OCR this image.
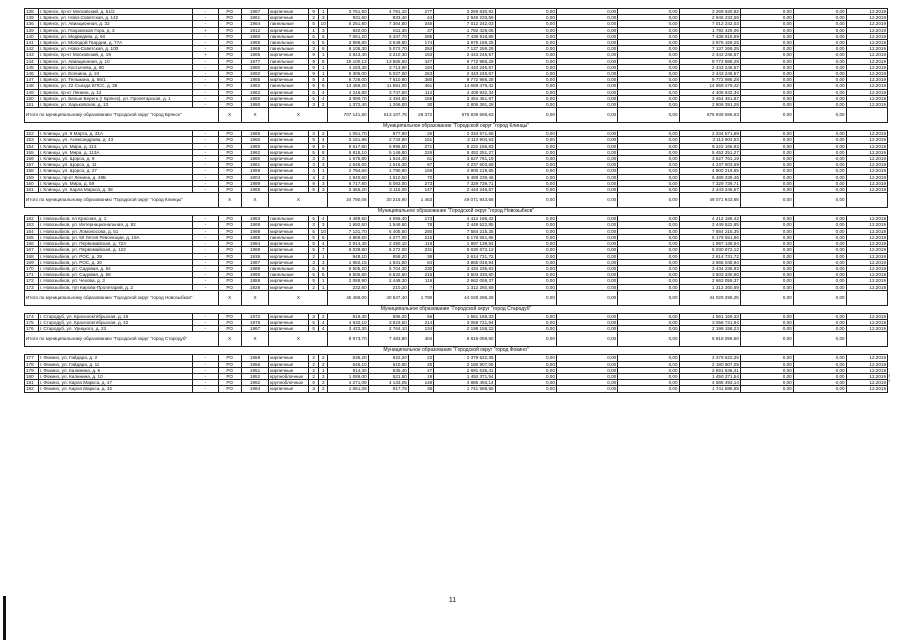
138	г. Брянск, пр-кт Московский, д. 61/2	-	РО	1987	кирпичные	9	1	3 751,60	4 781,10	277	3 269 630,82	0,00	0,00	0,00	3 269 630,82	0,00	0,00	12.2019
139	г. Брянск, ул. Ново-Советская, д. 142	-	РО	1961	кирпичные	2	3	931,60	833,40	44	2 946 233,59	0,00	0,00	0,00	2 946 233,59	0,00	0,00	12.2019
136	г. Брянск, ул. Авиационная, д. 32	-	РО	1964	панельные	5	10	5 251,80	7 364,80	345	7 012 242,03	0,00	0,00	0,00	7 012 242,03	0,00	0,00	12.2019
139	г. Брянск, ул. Покровская Гора, д. 3	+	РО	1912	кирпичные	1	3	840,00	811,30	37	1 792 429,06	0,00	0,00	0,00	1 792 429,06	0,00	0,00	12.2019
140	г. Брянск, ул. Медведева, д. 60	-	РО	1960	панельные	5	5	7 061,20	6 337,70	285	7 438 918,89	0,00	0,00	0,00	7 438 918,89	0,00	0,00	12.2019
141	г. Брянск, ул. Молодой Гвардии, д. 77А	-	РО	1965	панельные	5	5	3 998,80	3 548,80	174	3 878 169,25	0,00	0,00	0,00	3 878 169,25	0,00	0,00	12.2019
142	г. Брянск, ул. Ново-Советская, д. 100	-	РО	1969	панельные	3	8	6 105,30	5 072,70	284	7 137 269,25	0,00	0,00	0,00	7 137 269,25	0,00	0,00	12.2019
143	г. Брянск, пр-кт Московский, д. 19	+	РО	1965	кирпичные	9	1	3 843,40	3 210,30	153	2 443 246,57	0,00	0,00	0,00	2 443 246,57	0,00	0,00	12.2019
144	г. Брянск, ул. Авиационная, д. 10	-	РО	1977	панельные	9	6	15 100,13	13 565,60	427	9 772 986,28	0,00	0,00	0,00	9 772 986,28	0,00	0,00	12.2019
145	г. Брянск, ул. Костычева, д. 80	-	РО	1980	кирпичные	9	1	4 183,30	3 713,90	184	2 443 246,57	0,00	0,00	0,00	2 443 246,57	0,00	0,00	12.2019
146	г. Брянск, ул. Есенина, д. 24	-	РО	1992	кирпичные	9	1	5 306,00	5 027,00	263	2 443 246,57	0,00	0,00	0,00	2 443 246,57	0,00	0,00	12.2019
147	г. Брянск, ул. Тельмана, д. 86/1	-	РО	1985	кирпичные	9	4	8 726,00	7 610,90	380	9 772 986,28	0,00	0,00	0,00	9 772 986,28	0,00	0,00	12.2019
148	г. Брянск, ул. 22 Съезда КПСС, д. 39	-	РО	1962	панельные	9	6	13 458,20	11 891,00	461	14 659 479,42	0,00	0,00	0,00	14 659 479,42	0,00	0,00	12.2019
149	г. Брянск, пр-кт Ленина, д. 12	-	РО	1962	кирпичные	5	4	4 216,80	3 747,80	112	4 408 932,34	0,00	0,00	0,00	4 408 932,34	0,00	0,00	12.2019
150	г. Брянск, ул. Белые Берега (г Брянск), ул. Пролетарская, д. 1	-	РО	1980	кирпичные	5	4	3 090,70	3 494,80	155	3 454 451,87	0,00	0,00	0,00	3 454 451,87	0,00	0,00	12.2019
151	г. Брянск, ул. Харьковская, д. 13	-	РО	1950	кирпичные	3	2	1 372,40	1 266,00	30	2 806 391,28	0,00	0,00	0,00	2 806 391,28	0,00	0,00	12.2019
Итого по муниципальному образованию "Городской округ "город Брянск"			X	X	X			707 141,80	613 107,76	28 372	675 939 686,63	0,00	0,00	0,00	675 939 686,63	0,00	0,00	
Муниципальное образование "Городской округ "город Клинцы"																		
152	г. Клинцы, ул. 8 Марта, д. 31А	-	РО	1965	кирпичные	3	2	1 051,70	977,90	26	2 334 571,68	0,00	0,00	0,00	2 334 571,68	0,00	0,00	12.2019
153	г. Клинцы, ул. Александрова, д. 43	-	РО	1960	кирпичные	5	4	3 161,86	2 743,80	151	3 113 904,53	0,00	0,00	0,00	3 113 904,53	0,00	0,00	12.2019
154	г. Клинцы, ул. Мира, д. 113	-	РО	1980	кирпичные	9	9	8 617,80	5 996,50	271	9 222 166,83	0,00	0,00	0,00	9 222 166,83	0,00	0,00	12.2019
155	г. Клинцы, ул. Мира, д. 113А	-	РО	1962	кирпичные	5	8	5 815,10	5 146,80	226	5 452 251,27	0,00	0,00	0,00	5 452 251,27	0,00	0,00	12.2019
156	г. Клинцы, ул. Щорса, д. 9	-	РО	1960	кирпичные	3	3	1 675,80	1 524,40	61	3 627 761,19	0,00	0,00	0,00	3 627 761,19	0,00	0,00	12.2019
157	г. Клинцы, ул. Щорса, д. 11	-	РО	1961	кирпичные	3	3	1 646,00	1 516,30	67	4 237 603,69	0,00	0,00	0,00	4 237 603,69	0,00	0,00	12.2019
158	г. Клинцы, ул. Щорса, д. 27	-	РО	1959	кирпичные	4	1	2 794,60	1 790,80	159	4 900 219,65	0,00	0,00	0,00	4 900 219,65	0,00	0,00	12.2019
159	г. Клинцы, пр-кт Ленина, д. 49Б	-	РО	1904	кирпичные	4	2	1 940,60	1 510,50	70	6 489 239,46	0,00	0,00	0,00	6 489 239,46	0,00	0,00	12.2019
160	г. Клинцы, ул. Мира, д. 59	-	РО	1989	кирпичные	9	3	6 717,80	5 093,00	273	7 329 739,71	0,00	0,00	0,00	7 329 739,71	0,00	0,00	12.2019
161	г. Клинцы, ул. Карла Маркса, д. 38	-	РО	1965	кирпичные	5	3	2 365,20	2 115,00	147	2 443 246,57	0,00	0,00	0,00	2 443 246,57	0,00	0,00	12.2019
Итого по муниципальному образованию "Городской округ "город Клинцы"			X	X	X			34 790,06	30 215,90	1 463	49 071 943,68	0,00	0,00	0,00	49 071 943,68	0,00	0,00	
Муниципальное образование "Городской округ "город Новозыбков"																		
162	г. Новозыбков, пл Красная, д. 1	-	РО	1983	панельные	5	4	4 469,60	4 065,40	173	4 412 196,42	0,00	0,00	0,00	4 412 196,42	0,00	0,00	12.2019
163	г. Новозыбков, ул. Интернациональная, д. 92	-	РО	1969	кирпичные	3	3	1 692,60	1 546,60	78	2 449 522,85	0,00	0,00	0,00	2 449 522,85	0,00	0,00	12.2019
164	г. Новозыбков, ул. Ломоносова, д. 51	-	РО	1998	кирпичные	5	10	7 131,70	6 405,50	280	7 584 215,35	0,00	0,00	0,00	7 584 215,35	0,00	0,00	12.2019
165	г. Новозыбков, ул. 50 Летия Революции, д. 19А	-	РО	1985	панельные	5	6	4 869,50	4 277,00	215	5 178 651,86	0,00	0,00	0,00	5 178 651,86	0,00	0,00	12.2019
166	г. Новозыбков, ул. Первомайская, д. 72А	-	РО	1984	кирпичные	5	4	2 914,40	2 490,10	118	1 997 139,54	0,00	0,00	0,00	1 997 139,54	0,00	0,00	12.2019
167	г. Новозыбков, ул. Первомайская, д. 122	-	РО	1988	кирпичные	5	7	6 039,80	5 272,00	231	5 030 672,12	0,00	0,00	0,00	5 030 672,12	0,00	0,00	12.2019
168	г. Новозыбков, ул. РОС, д. 29	-	РО	1936	кирпичные	2	1	948,10	858,20	38	2 614 731,72	0,00	0,00	0,00	2 614 731,72	0,00	0,00	12.2019
169	г. Новозыбков, ул. РОС, д. 30	-	РО	1987	кирпичные	3	3	1 982,15	1 831,80	84	3 865 048,94	0,00	0,00	0,00	3 865 048,94	0,00	0,00	12.2019
170	г. Новозыбков, ул. Садовая, д. 54	-	РО	1989	панельные	5	6	6 505,20	5 704,30	230	3 434 236,93	0,00	0,00	0,00	3 434 236,93	0,00	0,00	12.2019
171	г. Новозыбков, ул. Садовая, д. 58	-	РО	1990	панельные	5	6	6 505,80	5 532,60	216	3 503 330,60	0,00	0,00	0,00	3 503 330,60	0,00	0,00	12.2019
172	г. Новозыбков, ул. Чехова, д. 3	-	РО	1958	кирпичные	5	1	2 068,90	2 448,30	119	2 662 059,37	0,00	0,00	0,00	2 662 059,37	0,00	0,00	12.2019
173	г. Новозыбков, туп Кирова-Пролетарий, д. 2	-	РО	1928	кирпичные	2	1	232,60	210,20	7	1 312 260,59	0,00	0,00	0,00	1 312 260,59	0,00	0,00	12.2019
Итого по муниципальному образованию "Городской округ "город Новозыбков"			X	X	X			45 486,00	40 637,40	1 790	44 029 296,25	0,00	0,00	0,00	44 029 296,25	0,00	0,00	
Муниципальное образование "Городской округ "город Стародуб"																		
174	г. Стародуб, ул. Краснооктябрьская, д. 16	-	РО	1972	кирпичные	3	2	919,30	896,20	56	1 561 169,33	0,00	0,00	0,00	1 561 169,33	0,00	0,00	12.2019
175	г. Стародуб, ул. Краснооктябрьская, д. 42	-	РО	1976	кирпичные	5	4	4 632,10	3 823,50	214	3 058 721,94	0,00	0,00	0,00	3 058 721,94	0,00	0,00	12.2019
176	г. Стародуб, ул. Урицкого, д. 23	-	РО	1967	кирпичные	5	4	3 422,30	2 764,10	134	2 198 158,23	0,00	0,00	0,00	2 198 158,23	0,00	0,00	12.2019
Итого по муниципальному образованию "Городской округ "город Стародуб"			X	X	X			8 973,70	7 483,80	404	6 818 059,50	0,00	0,00	0,00	6 818 059,50	0,00	0,00	
Муниципальное образование "Городской округ "город Фокино"																		
177	г. Фокино, ул. Гайдара, д. 2	-	РО	1958	кирпичные	2	2	636,20	622,20	22	2 379 622,35	0,00	0,00	0,00	2 379 622,35	0,00	0,00	12.2019
178	г. Фокино, ул. Гайдара, д. 11	-	РО	1956	кирпичные	2	2	646,10	610,80	25	2 180 907,05	0,00	0,00	0,00	2 180 907,05	0,00	0,00	12.2019
179	г. Фокино, ул. Калинина, д. 9	-	РО	1951	кирпичные	2	1	914,30	535,40	47	2 691 636,41	0,00	0,00	0,00	2 691 636,41	0,00	0,00	12.2019
180	г. Фокино, ул. Калинина, д. 10	-	РО	1952	крупноблочные	2	2	1 086,00	521,50	19	1 450 371,54	0,00	0,00	0,00	1 450 371,54	0,00	0,00	12.2019
181	г. Фокино, ул. Карла Маркса, д. 47	-	РО	1962	крупноблочные	5	2	4 271,08	4 133,05	148	4 886 493,14	0,00	0,00	0,00	4 886 493,14	0,00	0,00	12.2019
182	г. Фокино, ул. Карла Маркса, д. 32	-	РО	1984	кирпичные	3	2	1 051,28	917,78	36	1 741 588,55	0,00	0,00	0,00	1 741 588,55	0,00	0,00	12.2019
11
¦
